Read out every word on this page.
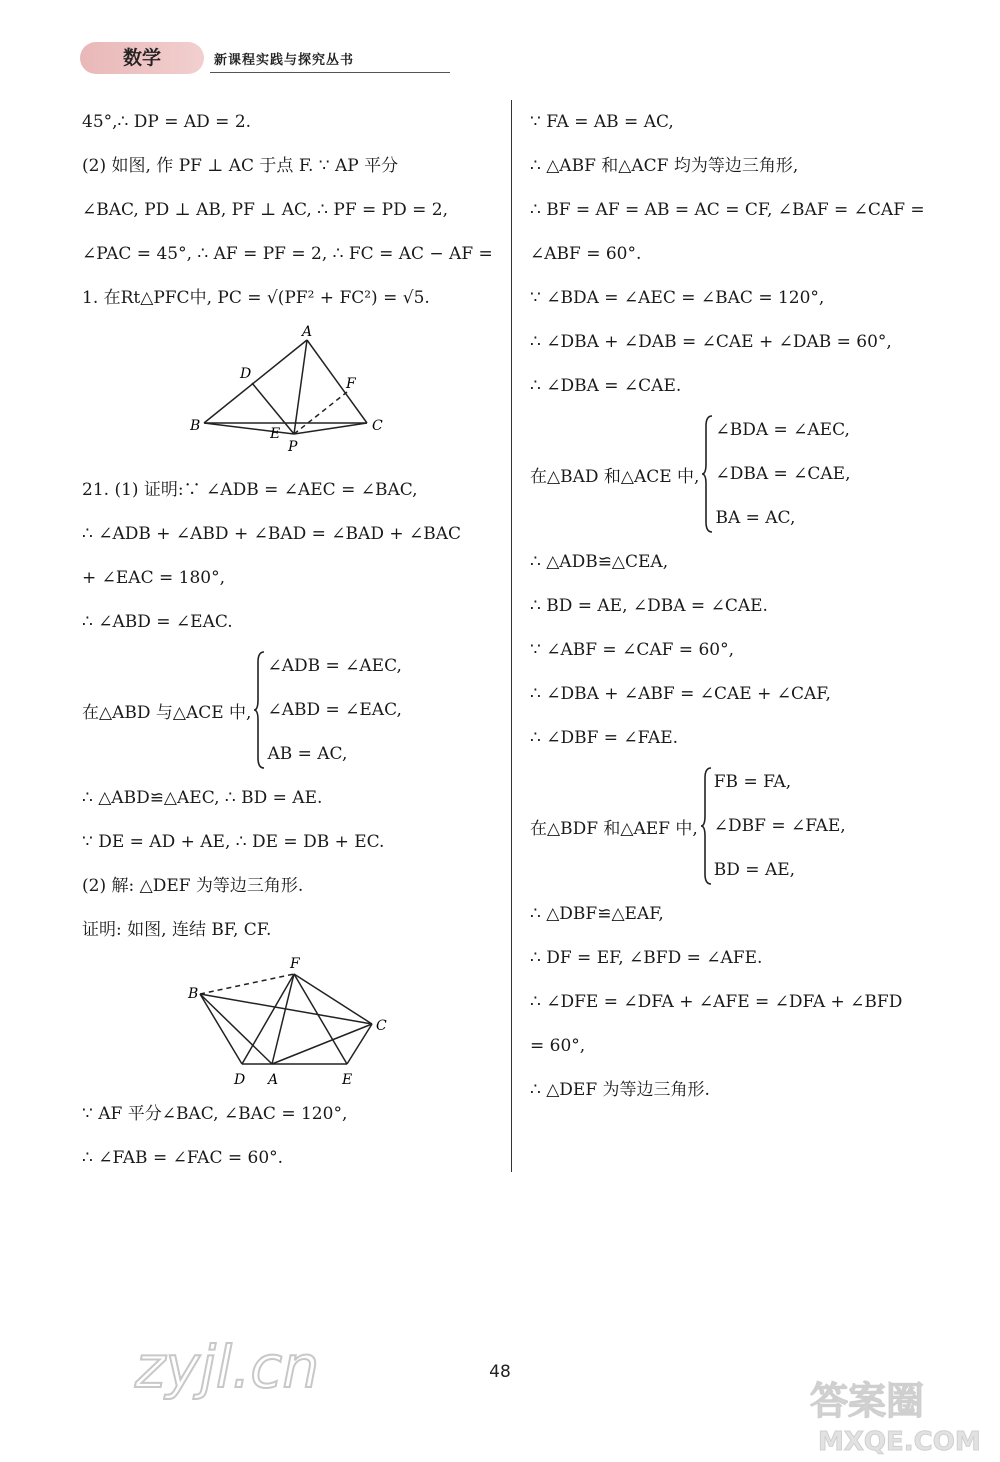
数学	新课程实践与探究丛书
45°,∴ DP = AD = 2.
(2) 如图, 作 PF ⊥ AC 于点 F. ∵ AP 平分
∠BAC, PD ⊥ AB, PF ⊥ AC, ∴ PF = PD = 2,
∠PAC = 45°, ∴ AF = PF = 2, ∴ FC = AC − AF =
1. 在Rt△PFC中, PC = √(PF² + FC²) = √5.
A
B	C
D
E
F
P
21. (1) 证明:∵ ∠ADB = ∠AEC = ∠BAC,
∴ ∠ADB + ∠ABD + ∠BAD = ∠BAD + ∠BAC
+ ∠EAC = 180°,
∴ ∠ABD = ∠EAC.
在△ABD 与△ACE 中,
∠ADB = ∠AEC,
∠ABD = ∠EAC,
AB = AC,
∴ △ABD≌△AEC, ∴ BD = AE.
∵ DE = AD + AE, ∴ DE = DB + EC.
(2) 解: △DEF 为等边三角形.
证明: 如图, 连结 BF, CF.
F
B
C
D A	E
∵ AF 平分∠BAC, ∠BAC = 120°,
∴ ∠FAB = ∠FAC = 60°.
∵ FA = AB = AC,
∴ △ABF 和△ACF 均为等边三角形,
∴ BF = AF = AB = AC = CF, ∠BAF = ∠CAF =
∠ABF = 60°.
∵ ∠BDA = ∠AEC = ∠BAC = 120°,
∴ ∠DBA + ∠DAB = ∠CAE + ∠DAB = 60°,
∴ ∠DBA = ∠CAE.
在△BAD 和△ACE 中,
∠BDA = ∠AEC,
∠DBA = ∠CAE,
BA = AC,
∴ △ADB≌△CEA,
∴ BD = AE, ∠DBA = ∠CAE.
∵ ∠ABF = ∠CAF = 60°,
∴ ∠DBA + ∠ABF = ∠CAE + ∠CAF,
∴ ∠DBF = ∠FAE.
在△BDF 和△AEF 中,
FB = FA,
∠DBF = ∠FAE,
BD = AE,
∴ △DBF≌△EAF,
∴ DF = EF, ∠BFD = ∠AFE.
∴ ∠DFE = ∠DFA + ∠AFE = ∠DFA + ∠BFD
= 60°,
∴ △DEF 为等边三角形.
48
zyjl.cn	答案圈
MXQE.COM
